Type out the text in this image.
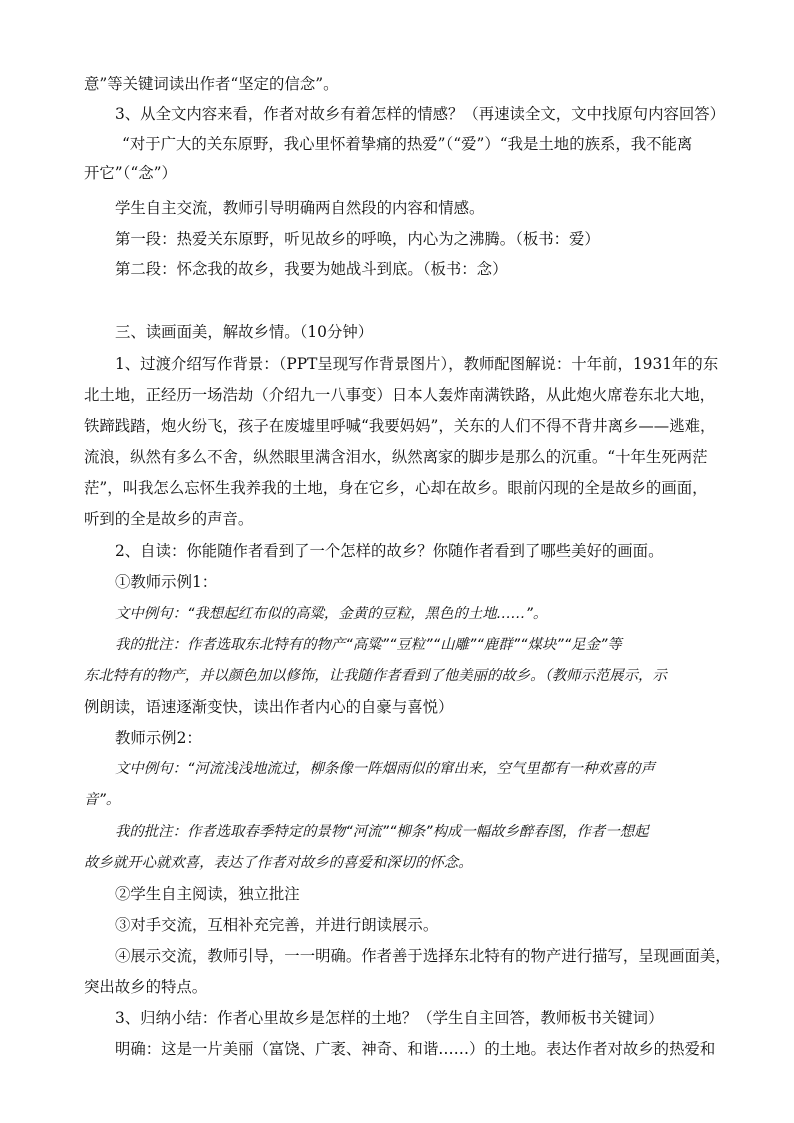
意”等关键词读出作者“坚定的信念”。
3、从全文内容来看，作者对故乡有着怎样的情感？（再速读全文，文中找原句内容回答）
“对于广大的关东原野，我心里怀着挚痛的热爱”（“爱”）“我是土地的族系，我不能离
开它”（“念”）
学生自主交流，教师引导明确两自然段的内容和情感。
第一段：热爱关东原野，听见故乡的呼唤，内心为之沸腾。（板书：爱）
第二段：怀念我的故乡，我要为她战斗到底。（板书：念）
三、读画面美，解故乡情。（10分钟）
1、过渡介绍写作背景：（PPT呈现写作背景图片），教师配图解说：十年前，1931年的东
北土地，正经历一场浩劫（介绍九一八事变）日本人轰炸南满铁路，从此炮火席卷东北大地，
铁蹄践踏，炮火纷飞，孩子在废墟里呼喊“我要妈妈”，关东的人们不得不背井离乡——逃难，
流浪，纵然有多么不舍，纵然眼里满含泪水，纵然离家的脚步是那么的沉重。“十年生死两茫
茫”，叫我怎么忘怀生我养我的土地，身在它乡，心却在故乡。眼前闪现的全是故乡的画面，
听到的全是故乡的声音。
2、自读：你能随作者看到了一个怎样的故乡？你随作者看到了哪些美好的画面。
①教师示例1：
文中例句：“我想起红布似的高粱，金黄的豆粒，黑色的土地……”。
我的批注：作者选取东北特有的物产“高粱”“豆粒”“山雕”“鹿群”“煤块”“足金”等
东北特有的物产，并以颜色加以修饰，让我随作者看到了他美丽的故乡。（教师示范展示，示
例朗读，语速逐渐变快，读出作者内心的自豪与喜悦）
教师示例2：
文中例句：“河流浅浅地流过，柳条像一阵烟雨似的窜出来，空气里都有一种欢喜的声
音”。
我的批注：作者选取春季特定的景物“河流”“柳条”构成一幅故乡醉春图，作者一想起
故乡就开心就欢喜，表达了作者对故乡的喜爱和深切的怀念。
②学生自主阅读，独立批注
③对手交流，互相补充完善，并进行朗读展示。
④展示交流，教师引导，一一明确。作者善于选择东北特有的物产进行描写，呈现画面美，
突出故乡的特点。
3、归纳小结：作者心里故乡是怎样的土地？（学生自主回答，教师板书关键词）
明确：这是一片美丽（富饶、广袤、神奇、和谐……）的土地。表达作者对故乡的热爱和
